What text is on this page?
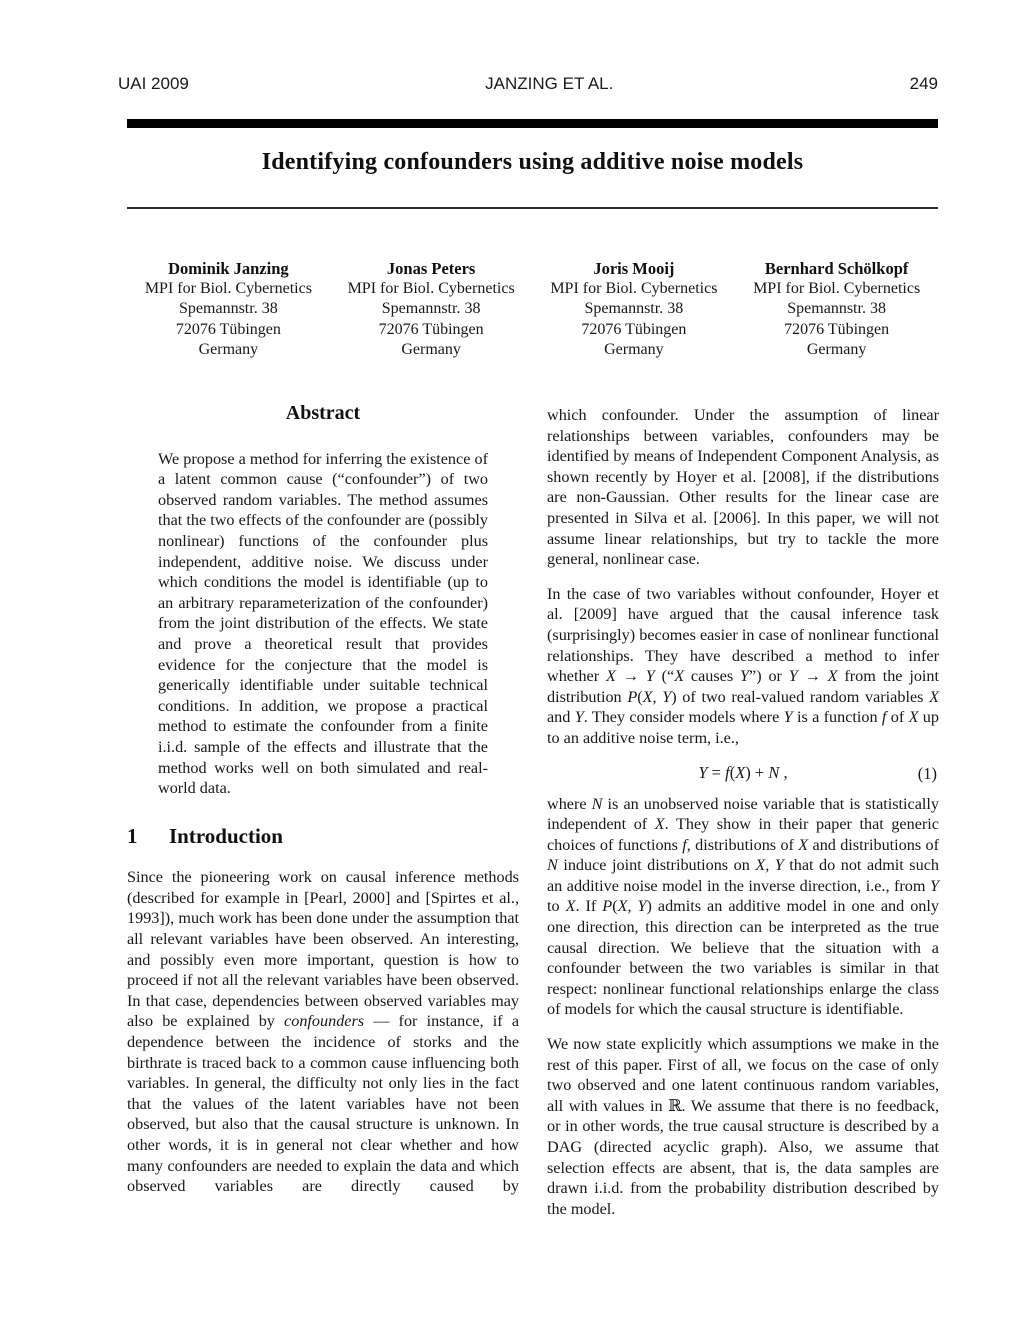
UAI 2009	JANZING ET AL.	249
Identifying confounders using additive noise models
Dominik Janzing
MPI for Biol. Cybernetics
Spemannstr. 38
72076 Tübingen
Germany
Jonas Peters
MPI for Biol. Cybernetics
Spemannstr. 38
72076 Tübingen
Germany
Joris Mooij
MPI for Biol. Cybernetics
Spemannstr. 38
72076 Tübingen
Germany
Bernhard Schölkopf
MPI for Biol. Cybernetics
Spemannstr. 38
72076 Tübingen
Germany
Abstract
We propose a method for inferring the existence of a latent common cause (“confounder”) of two observed random variables. The method assumes that the two effects of the confounder are (possibly nonlinear) functions of the confounder plus independent, additive noise. We discuss under which conditions the model is identifiable (up to an arbitrary reparameterization of the confounder) from the joint distribution of the effects. We state and prove a theoretical result that provides evidence for the conjecture that the model is generically identifiable under suitable technical conditions. In addition, we propose a practical method to estimate the confounder from a finite i.i.d. sample of the effects and illustrate that the method works well on both simulated and real-world data.
1	Introduction
Since the pioneering work on causal inference methods (described for example in [Pearl, 2000] and [Spirtes et al., 1993]), much work has been done under the assumption that all relevant variables have been observed. An interesting, and possibly even more important, question is how to proceed if not all the relevant variables have been observed. In that case, dependencies between observed variables may also be explained by confounders — for instance, if a dependence between the incidence of storks and the birthrate is traced back to a common cause influencing both variables. In general, the difficulty not only lies in the fact that the values of the latent variables have not been observed, but also that the causal structure is unknown. In other words, it is in general not clear whether and how many confounders are needed to explain the data and which observed variables are directly caused by
which confounder. Under the assumption of linear relationships between variables, confounders may be identified by means of Independent Component Analysis, as shown recently by Hoyer et al. [2008], if the distributions are non-Gaussian. Other results for the linear case are presented in Silva et al. [2006]. In this paper, we will not assume linear relationships, but try to tackle the more general, nonlinear case.
In the case of two variables without confounder, Hoyer et al. [2009] have argued that the causal inference task (surprisingly) becomes easier in case of nonlinear functional relationships. They have described a method to infer whether X → Y (“X causes Y”) or Y → X from the joint distribution P(X, Y) of two real-valued random variables X and Y. They consider models where Y is a function f of X up to an additive noise term, i.e.,
Y = f(X) + N ,	(1)
where N is an unobserved noise variable that is statistically independent of X. They show in their paper that generic choices of functions f, distributions of X and distributions of N induce joint distributions on X, Y that do not admit such an additive noise model in the inverse direction, i.e., from Y to X. If P(X, Y) admits an additive model in one and only one direction, this direction can be interpreted as the true causal direction. We believe that the situation with a confounder between the two variables is similar in that respect: nonlinear functional relationships enlarge the class of models for which the causal structure is identifiable.
We now state explicitly which assumptions we make in the rest of this paper. First of all, we focus on the case of only two observed and one latent continuous random variables, all with values in ℝ. We assume that there is no feedback, or in other words, the true causal structure is described by a DAG (directed acyclic graph). Also, we assume that selection effects are absent, that is, the data samples are drawn i.i.d. from the probability distribution described by the model.
